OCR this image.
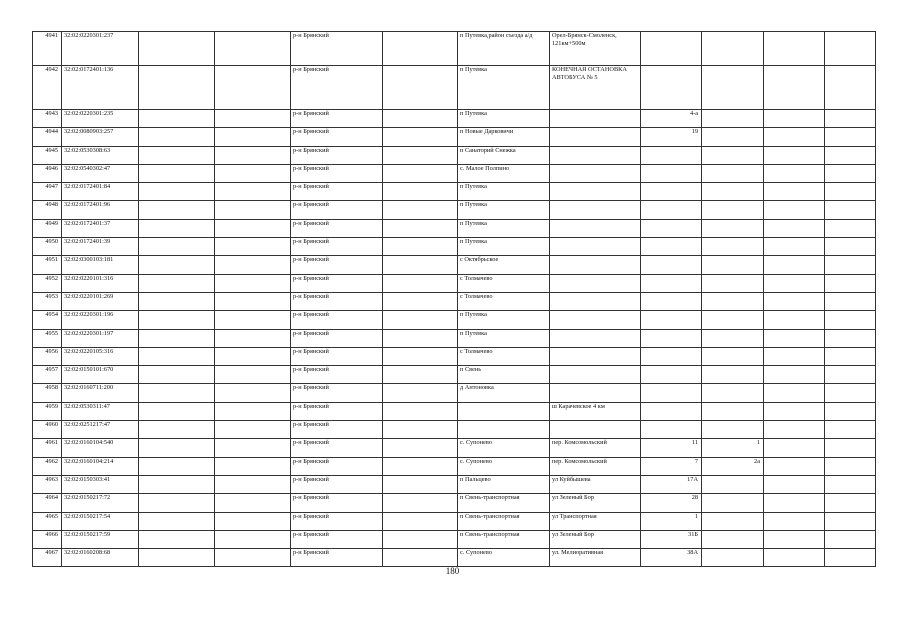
4941	32:02:0220301:237			р-н Брянский		п Путевка,район съезда а/д	Орел-Брянск-Смоленск, 121км+500м				
4942	32:02:0172401:136			р-н Брянский		п Путевка	КОНЕЧНАЯ ОСТАНОВКА АВТОБУСА № 5				
4943	32:02:0220301:235			р-н Брянский		п Путевка		4-а			
4944	32:02:0080903:257			р-н Брянский		п Новые Дарковичи		19			
4945	32:02:0530308:63			р-н Брянский		п Санаторий Снежка					
4946	32:02:0540302:47			р-н Брянский		с. Малое Полпино					
4947	32:02:0172401:84			р-н Брянский		п Путевка					
4948	32:02:0172401:96			р-н Брянский		п Путевка					
4949	32:02:0172401:37			р-н Брянский		п Путевка					
4950	32:02:0172401:39			р-н Брянский		п Путевка					
4951	32:02:0300103:181			р-н Брянский		с Октябрьское					
4952	32:02:0220101:316			р-н Брянский		с Толмачево					
4953	32:02:0220101:269			р-н Брянский		с Толмачево					
4954	32:02:0220301:196			р-н Брянский		п Путевка					
4955	32:02:0220301:197			р-н Брянский		п Путевка					
4956	32:02:0220105:316			р-н Брянский		с Толмачево					
4957	32:02:0150101:670			р-н Брянский		п Свень					
4958	32:02:0160711:200			р-н Брянский		д Антоновка					
4959	32:02:0530311:47			р-н Брянский			ш Карачевское 4 км				
4960	32:02:0251217:47			р-н Брянский							
4961	32:02:0160104:540			р-н Брянский		с. Супонево	пер. Комсомольский	11	1		
4962	32:02:0160104:214			р-н Брянский		с. Супонево	пер. Комсомольский	7	2а		
4963	32:02:0150303:41			р-н Брянский		п Пальцево	ул Куйбышева	17А			
4964	32:02:0150217:72			р-н Брянский		п Свень-транспортная	ул Зеленый Бор	28			
4965	32:02:0150217:54			р-н Брянский		п Свень-транспортная	ул Транспортная	1			
4966	32:02:0150217:59			р-н Брянский		п Свень-транспортная	ул Зеленый Бор	31Б			
4967	32:02:0160208:68			р-н Брянский		с. Супонево	ул. Мелиоративная	38А			
180
